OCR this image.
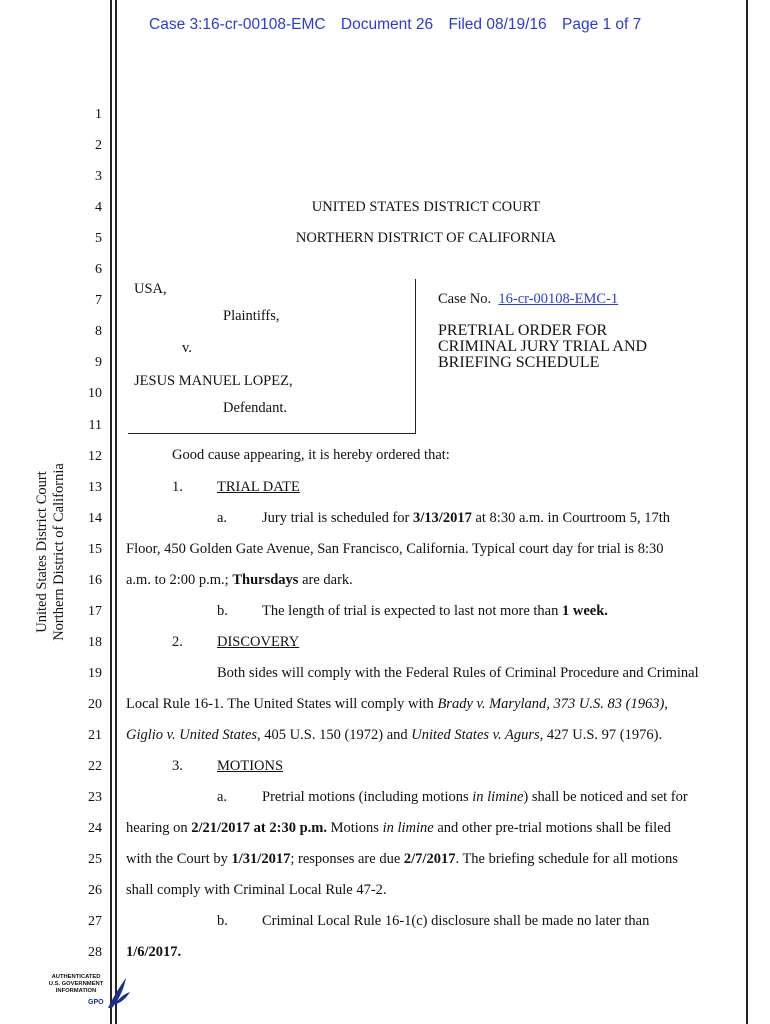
Case 3:16-cr-00108-EMC Document 26 Filed 08/19/16 Page 1 of 7
1
2
3
4
5
6
7
8
9
10
11
12
13
14
15
16
17
18
19
20
21
22
23
24
25
26
27
28
United States District Court Northern District of California
UNITED STATES DISTRICT COURT
NORTHERN DISTRICT OF CALIFORNIA
USA,
Plaintiffs,
v.
JESUS MANUEL LOPEZ,
Defendant.
Case No. 16-cr-00108-EMC-1
PRETRIAL ORDER FOR
CRIMINAL JURY TRIAL AND
BRIEFING SCHEDULE
Good cause appearing, it is hereby ordered that:
1. TRIAL DATE
a. Jury trial is scheduled for 3/13/2017 at 8:30 a.m. in Courtroom 5, 17th
Floor, 450 Golden Gate Avenue, San Francisco, California. Typical court day for trial is 8:30
a.m. to 2:00 p.m.; Thursdays are dark.
b. The length of trial is expected to last not more than 1 week.
2. DISCOVERY
Both sides will comply with the Federal Rules of Criminal Procedure and Criminal
Local Rule 16-1. The United States will comply with Brady v. Maryland, 373 U.S. 83 (1963),
Giglio v. United States, 405 U.S. 150 (1972) and United States v. Agurs, 427 U.S. 97 (1976).
3. MOTIONS
a. Pretrial motions (including motions in limine) shall be noticed and set for
hearing on 2/21/2017 at 2:30 p.m. Motions in limine and other pre-trial motions shall be filed
with the Court by 1/31/2017; responses are due 2/7/2017. The briefing schedule for all motions
shall comply with Criminal Local Rule 47-2.
b. Criminal Local Rule 16-1(c) disclosure shall be made no later than
1/6/2017.
AUTHENTICATED
U.S. GOVERNMENT
INFORMATION
GPO
